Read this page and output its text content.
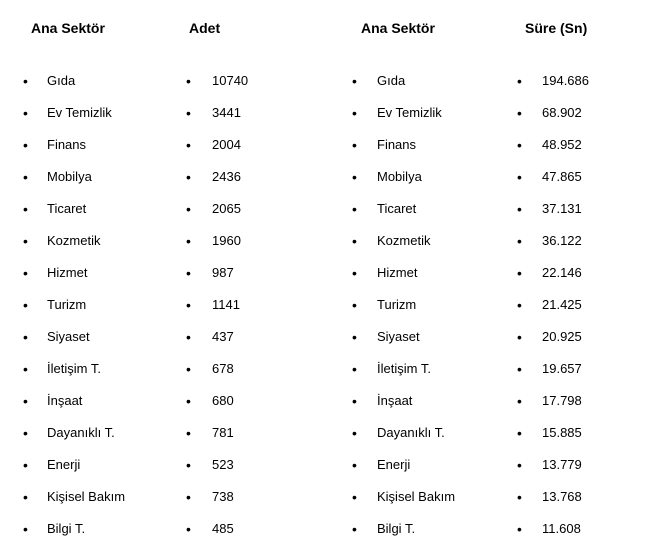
Ana Sektör
•
Gıda
•
Ev Temizlik
•
Finans
•
Mobilya
•
Ticaret
•
Kozmetik
•
Hizmet
•
Turizm
•
Siyaset
•
İletişim T.
•
İnşaat
•
Dayanıklı T.
•
Enerji
•
Kişisel Bakım
•
Bilgi T.
Adet
•
10740
•
3441
•
2004
•
2436
•
2065
•
1960
•
987
•
1141
•
437
•
678
•
680
•
781
•
523
•
738
•
485
Ana Sektör
•
Gıda
•
Ev Temizlik
•
Finans
•
Mobilya
•
Ticaret
•
Kozmetik
•
Hizmet
•
Turizm
•
Siyaset
•
İletişim T.
•
İnşaat
•
Dayanıklı T.
•
Enerji
•
Kişisel Bakım
•
Bilgi T.
Süre (Sn)
•
194.686
•
68.902
•
48.952
•
47.865
•
37.131
•
36.122
•
22.146
•
21.425
•
20.925
•
19.657
•
17.798
•
15.885
•
13.779
•
13.768
•
11.608
